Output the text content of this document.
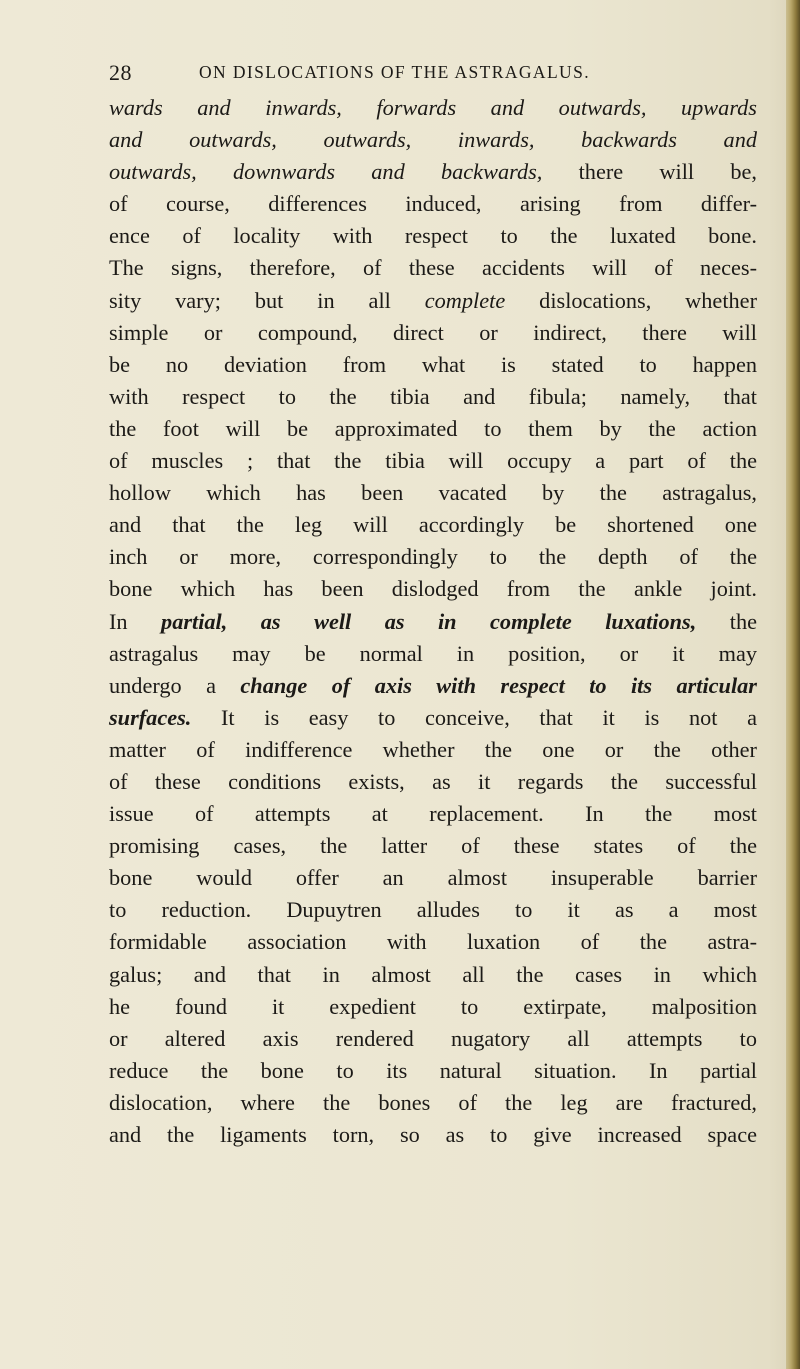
28	ON DISLOCATIONS OF THE ASTRAGALUS.
wards and inwards, forwards and outwards, upwards
and outwards, outwards, inwards, backwards and
outwards, downwards and backwards, there will be,
of course, differences induced, arising from differ-
ence of locality with respect to the luxated bone.
The signs, therefore, of these accidents will of neces-
sity vary; but in all complete dislocations, whether
simple or compound, direct or indirect, there will
be no deviation from what is stated to happen
with respect to the tibia and fibula; namely, that
the foot will be approximated to them by the action
of muscles ; that the tibia will occupy a part of the
hollow which has been vacated by the astragalus,
and that the leg will accordingly be shortened one
inch or more, correspondingly to the depth of the
bone which has been dislodged from the ankle joint.
In partial, as well as in complete luxations, the
astragalus may be normal in position, or it may
undergo a change of axis with respect to its articular
surfaces. It is easy to conceive, that it is not a
matter of indifference whether the one or the other
of these conditions exists, as it regards the successful
issue of attempts at replacement. In the most
promising cases, the latter of these states of the
bone would offer an almost insuperable barrier
to reduction. Dupuytren alludes to it as a most
formidable association with luxation of the astra-
galus; and that in almost all the cases in which
he found it expedient to extirpate, malposition
or altered axis rendered nugatory all attempts to
reduce the bone to its natural situation. In partial
dislocation, where the bones of the leg are fractured,
and the ligaments torn, so as to give increased space
